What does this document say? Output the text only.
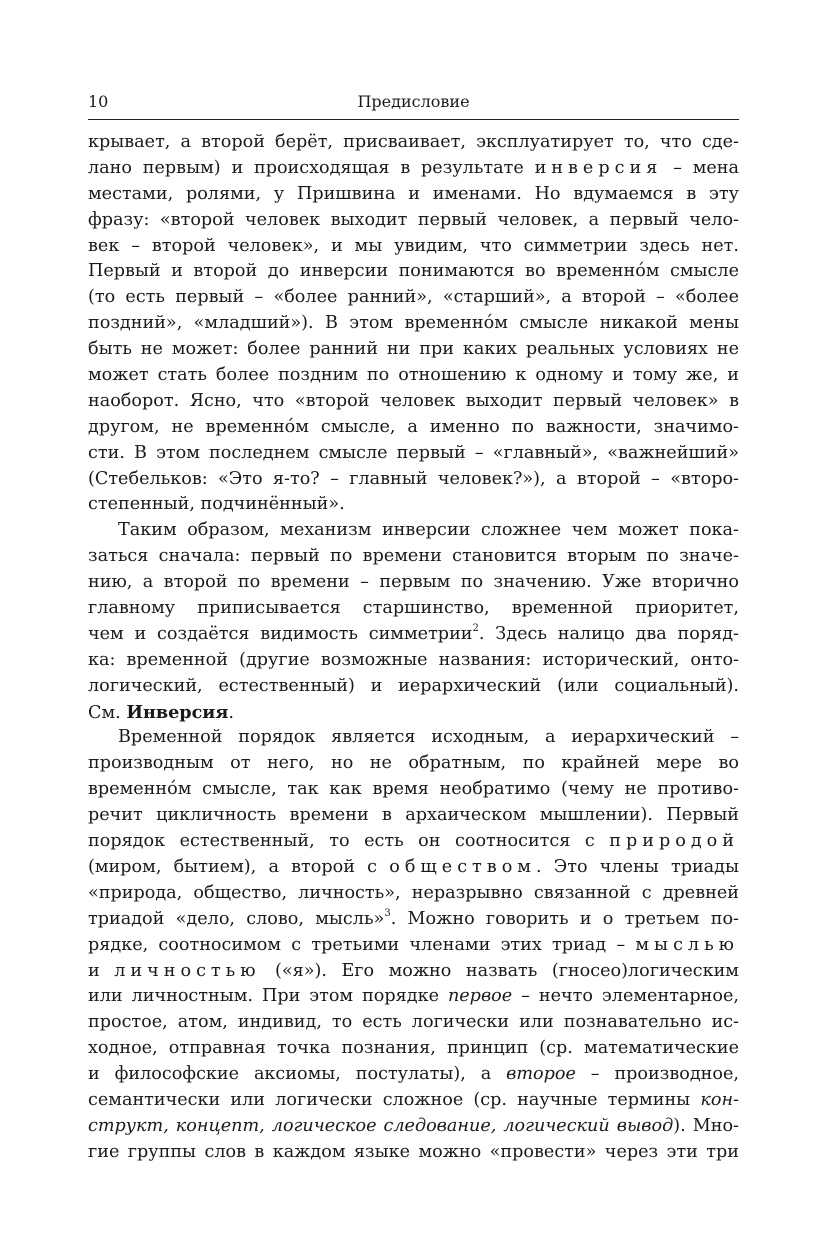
10	Предисловие
крывает, а второй берёт, присваивает, эксплуатирует то, что сде-
лано первым) и происходящая в результате инверсия – мена
местами, ролями, у Пришвина и именами. Но вдумаемся в эту
фразу: «второй человек выходит первый человек, а первый чело-
век – второй человек», и мы увидим, что симметрии здесь нет.
Первый и второй до инверсии понимаются во временно́м смысле
(то есть первый – «более ранний», «старший», а второй – «более
поздний», «младший»). В этом временно́м смысле никакой мены
быть не может: более ранний ни при каких реальных условиях не
может стать более поздним по отношению к одному и тому же, и
наоборот. Ясно, что «второй человек выходит первый человек» в
другом, не временно́м смысле, а именно по важности, значимо-
сти. В этом последнем смысле первый – «главный», «важнейший»
(Стебельков: «Это я-то? – главный человек?»), а второй – «второ-
степенный, подчинённый».
Таким образом, механизм инверсии сложнее чем может пока-
заться сначала: первый по времени становится вторым по значе-
нию, а второй по времени – первым по значению. Уже вторично
главному приписывается старшинство, временной приоритет,
чем и создаётся видимость симметрии$^2$. Здесь налицо два поряд-
ка: временной (другие возможные названия: исторический, онто-
логический, естественный) и иерархический (или социальный).
См. Инверсия.
Временной порядок является исходным, а иерархический –
производным от него, но не обратным, по крайней мере во
временно́м смысле, так как время необратимо (чему не противо-
речит цикличность времени в архаическом мышлении). Первый
порядок естественный, то есть он соотносится с природой
(миром, бытием), а второй с обществом. Это члены триады
«природа, общество, личность», неразрывно связанной с древней
триадой «дело, слово, мысль»$^3$. Можно говорить и о третьем по-
рядке, соотносимом с третьими членами этих триад – мыслью
и личностью («я»). Его можно назвать (гносео)логическим
или личностным. При этом порядке первое – нечто элементарное,
простое, атом, индивид, то есть логически или познавательно ис-
ходное, отправная точка познания, принцип (ср. математические
и философские аксиомы, постулаты), а второе – производное,
семантически или логически сложное (ср. научные термины кон-
структ, концепт, логическое следование, логический вывод). Мно-
гие группы слов в каждом языке можно «провести» через эти три
